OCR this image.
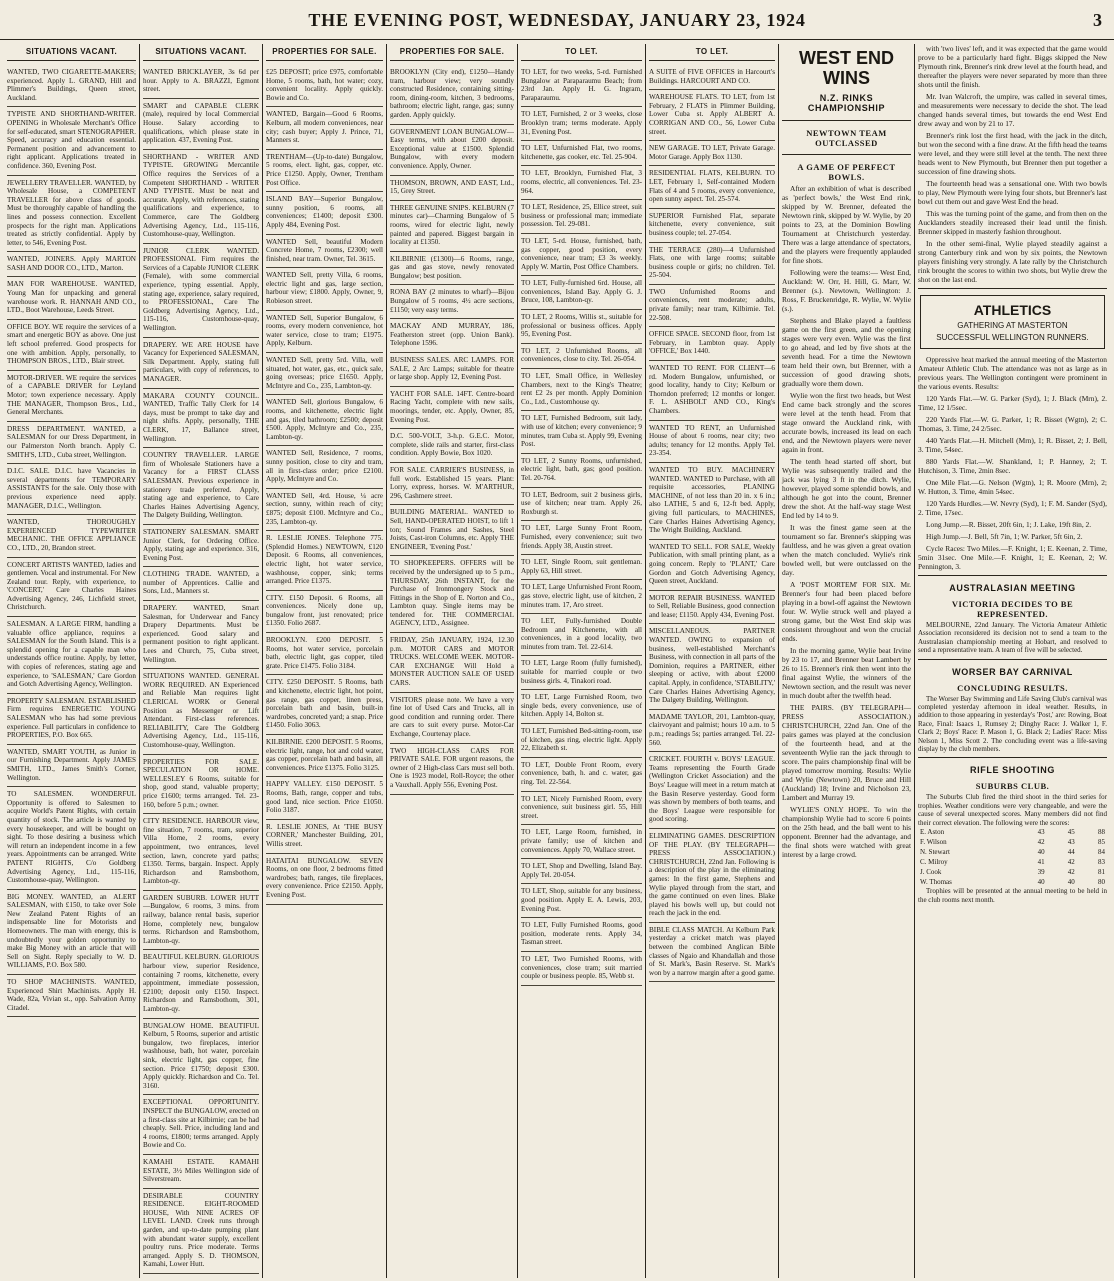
THE EVENING POST, WEDNESDAY, JANUARY 23, 1924	3
SITUATIONS VACANT.
WANTED, TWO CIGARETTE-MAKERS; experienced. Apply L. GRAND, Hill and Plimmer's Buildings, Queen street, Auckland.
TYPISTE AND SHORTHAND-WRITER. OPENING in Wholesale Merchant's Office for self-educated, smart STENOGRAPHER. Speed, accuracy and education essential. Permanent position and advancement to right applicant. Applications treated in confidence. 360, Evening Post.
JEWELLERY TRAVELLER. WANTED, by Wholesale House, a COMPETENT TRAVELLER for above class of goods. Must be thoroughly capable of handling the lines and possess connection. Excellent prospects for the right man. Applications treated as strictly confidential. Apply by letter, to 546, Evening Post.
WANTED, JOINERS. Apply MARTON SASH AND DOOR CO., LTD., Marton.
MAN FOR WAREHOUSE. WANTED, Young Man for unpacking and general warehouse work. R. HANNAH AND CO., LTD., Boot Warehouse, Leeds Street.
OFFICE BOY. WE require the services of a smart and energetic BOY as above. One just left school preferred. Good prospects for one with ambition. Apply, personally, to THOMPSON BROS., LTD., Blair street.
MOTOR-DRIVER. WE require the services of a CAPABLE DRIVER for Leyland Motor; town experience necessary. Apply THE MANAGER, Thompson Bros., Ltd., General Merchants.
DRESS DEPARTMENT. WANTED, a SALESMAN for our Dress Department, in our Palmerston North branch. Apply C. SMITH'S, LTD., Cuba street, Wellington.
D.I.C. SALE. D.I.C. have Vacancies in several departments for TEMPORARY ASSISTANTS for the sale. Only those with previous experience need apply. MANAGER, D.I.C., Wellington.
WANTED, THOROUGHLY EXPERIENCED TYPEWRITER MECHANIC. THE OFFICE APPLIANCE CO., LTD., 20, Brandon street.
CONCERT ARTISTS WANTED, ladies and gentlemen. Vocal and instrumental. For New Zealand tour. Reply, with experience, to 'CONCERT,' Care Charles Haines Advertising Agency, 246, Lichfield street, Christchurch.
SALESMAN. A LARGE FIRM, handling a valuable office appliance, requires a SALESMAN for the South Island. This is a splendid opening for a capable man who understands office routine. Apply, by letter, with copies of references, stating age and experience, to 'SALESMAN,' Care Gordon and Gotch Advertising Agency, Wellington.
PROPERTY SALESMAN. ESTABLISHED Firm requires ENERGETIC YOUNG SALESMAN who has had some previous experience. Full particulars in confidence to PROPERTIES, P.O. Box 665.
WANTED, SMART YOUTH, as Junior in our Furnishing Department. Apply JAMES SMITH, LTD., James Smith's Corner, Wellington.
TO SALESMEN. WONDERFUL Opportunity is offered to Salesmen to acquire World's Patent Rights, with certain quantity of stock. The article is wanted by every housekeeper, and will be bought on sight. To those desiring a business which will return an independent income in a few years. Appointments can be arranged. Write PATENT RIGHTS, C/o Goldberg Advertising Agency, Ltd., 115-116, Customhouse-quay, Wellington.
BIG MONEY. WANTED, an ALERT SALESMAN, with £150, to take over Sole New Zealand Patent Rights of an indispensable line for Motorists and Homeowners. The man with energy, this is undoubtedly your golden opportunity to make Big Money with an article that will Sell on Sight. Reply specially to W. D. WILLIAMS, P.O. Box 580.
TO SHOP MACHINISTS. WANTED, Experienced Shirt Machinists. Apply H. Wade, 82a, Vivian st., opp. Salvation Army Citadel.
SITUATIONS VACANT.
WANTED BRICKLAYER, 3s 6d per hour. Apply to A. BRAZZI, Egmont street.
SMART and CAPABLE CLERK (male), required by local Commercial House. Salary according to qualifications, which please state in application. 437, Evening Post.
SHORTHAND - WRITER AND TYPISTE. GROWING Mercantile Office requires the Services of a Competent SHORTHAND - WRITER AND TYPISTE. Must be neat and accurate. Apply, with references, stating qualifications and experience, to Commerce, care The Goldberg Advertising Agency, Ltd., 115-116, Customhouse-quay, Wellington.
JUNIOR CLERK WANTED. PROFESSIONAL Firm requires the Services of a Capable JUNIOR CLERK (Female), with some commercial experience, typing essential. Apply, stating age, experience, salary required, to PROFESSIONAL, Care The Goldberg Advertising Agency, Ltd., 115-116, Customhouse-quay, Wellington.
DRAPERY. WE ARE HOUSE have Vacancy for Experienced SALESMAN, Silk Department. Apply, stating full particulars, with copy of references, to MANAGER.
MAKARA COUNTY COUNCIL. WANTED, Traffic Tally Clerk for 14 days, must be prompt to take day and night shifts. Apply, personally, THE CLERK, 17, Ballance street, Wellington.
COUNTRY TRAVELLER. LARGE firm of Wholesale Stationers have a Vacancy for a FIRST CLASS SALESMAN. Previous experience in stationery trade preferred. Apply, stating age and experience, to Care Charles Haines Advertising Agency, The Dalgety Building, Wellington.
STATIONERY SALESMAN. SMART Junior Clerk, for Ordering Office. Apply, stating age and experience. 316, Evening Post.
CLOTHING TRADE. WANTED, a number of Apprentices. Callie and Sons, Ltd., Manners st.
DRAPERY. WANTED, Smart Salesman, for Underwear and Fancy Drapery Departments. Must be experienced. Good salary and permanent position to right applicant. Lees and Church, 75, Cuba street, Wellington.
SITUATIONS WANTED. GENERAL WORK REQUIRED. AN Experienced and Reliable Man requires light CLERICAL WORK or General Position as Messenger or Lift Attendant. First-class references. RELIABILITY, Care The Goldberg Advertising Agency, Ltd., 115-116, Customhouse-quay, Wellington.
PROPERTIES FOR SALE. SPECULATION OR HOME. WELLESLEY 6 Rooms, suitable for shop, good stand, valuable property; price £1600; terms arranged. Tel. 23-160, before 5 p.m.; owner.
CITY RESIDENCE. HARBOUR view, fine situation, 7 rooms, tram, superior Villa Home, 2 rooms, every appointment, two entrances, level section, lawn, concrete yard paths; £1350. Terms, bargain. Inspect. Apply Richardson and Ramsbothom, Lambton-qy.
GARDEN SUBURB. LOWER HUTT—Bungalow, 6 rooms, 3 mins. from railway, balance rental basis, superior Home, completely new, bungalow terms. Richardson and Ramsbothom, Lambton-qy.
BEAUTIFUL KELBURN. GLORIOUS harbour view, superior Residence, containing 7 rooms, kitchenette, every appointment, immediate possession, £2100; deposit only £150. Inspect. Richardson and Ramsbothom, 301, Lambton-qy.
BUNGALOW HOME. BEAUTIFUL Kelburn, 5 Rooms, superior and artistic bungalow, two fireplaces, interior washhouse, bath, hot water, porcelain sink, electric light, gas copper, fine section. Price £1750; deposit £300. Apply quickly. Richardson and Co. Tel. 3160.
EXCEPTIONAL OPPORTUNITY. INSPECT the BUNGALOW, erected on a first-class site at Kilbirnie; can be had cheaply. Sell. Price, including land and 4 rooms, £1800; terms arranged. Apply Bowie and Co.
KAMAHI ESTATE. KAMAHI ESTATE, 3½ Miles Wellington side of Silverstream.
DESIRABLE COUNTRY RESIDENCE. EIGHT-ROOMED HOUSE, With NINE ACRES OF LEVEL LAND. Creek runs through garden, and up-to-date pumping plant with abundant water supply, excellent poultry runs. Price moderate. Terms arranged. Apply S. D. THOMSON, Kamahi, Lower Hutt.
PROPERTIES FOR SALE.
£25 DEPOSIT; price £975, comfortable Home, 5 rooms, bath, hot water; cozy, convenient locality. Apply quickly. Bowie and Co.
WANTED, Bargain—Good 6 Rooms, Kelburn, all modern conveniences, near city; cash buyer; Apply J. Prince, 71, Manners st.
TRENTHAM—(Up-to-date) Bungalow, 5 rooms, elect. light, gas, copper, etc. Price £1250. Apply, Owner, Trentham Post Office.
ISLAND BAY—Superior Bungalow, sunny position, 6 rooms, all conveniences; £1400; deposit £300. Apply 484, Evening Post.
WANTED Sell, beautiful Modern Concrete Home, 7 rooms, £2300; well finished, near tram. Owner, Tel. 3615.
WANTED Sell, pretty Villa, 6 rooms, electric light and gas, large section, harbour view; £1800. Apply, Owner, 9, Robieson street.
WANTED Sell, Superior Bungalow, 6 rooms, every modern convenience, hot water service, close to tram; £1975. Apply, Kelburn.
WANTED Sell, pretty 5rd. Villa, well situated, hot water, gas, etc., quick sale, going overseas; price £1650. Apply, McIntyre and Co., 235, Lambton-qy.
WANTED Sell, glorious Bungalow, 6 rooms, and kitchenette, electric light and gas, tiled bathroom; £2500; deposit £500. Apply, McIntyre and Co., 235, Lambton-qy.
WANTED Sell, Residence, 7 rooms, sunny position, close to city and tram, all in first-class order; price £2100. Apply, McIntyre and Co.
WANTED Sell, 4rd. House, ¼ acre section, sunny, within reach of city; £875; deposit £100. McIntyre and Co., 235, Lambton-qy.
R. LESLIE JONES. Telephone 775. (Splendid Homes.) NEWTOWN, £120 Deposit. 6 Rooms, all conveniences, electric light, hot water service, washhouse, copper, sink; terms arranged. Price £1375.
CITY. £150 Deposit. 6 Rooms, all conveniences. Nicely done up, bungalow front, just renovated; price £1350. Folio 2687.
BROOKLYN. £200 DEPOSIT. 5 Rooms, hot water service, porcelain bath, electric light, gas copper, tiled grate. Price £1475. Folio 3184.
CITY. £250 DEPOSIT. 5 Rooms, bath and kitchenette, electric light, hot point, gas range, gas copper, linen press, porcelain bath and basin, built-in wardrobes, concreted yard; a snap. Price £1450. Folio 3063.
KILBIRNIE. £200 DEPOSIT. 5 Rooms, electric light, range, hot and cold water, gas copper, porcelain bath and basin, all conveniences. Price £1375. Folio 3125.
HAPPY VALLEY. £150 DEPOSIT. 5 Rooms, Bath, range, copper and tubs, good land, nice section. Price £1050. Folio 3187.
R. LESLIE JONES, At 'THE BUSY CORNER,' Manchester Building, 201, Willis street.
HATAITAI BUNGALOW. SEVEN Rooms, on one floor, 2 bedrooms fitted wardrobes; bath, ranges, tile fireplaces, every convenience. Price £2150. Apply, Evening Post.
PROPERTIES FOR SALE.
BROOKLYN (City end), £1250—Handy tram, harbour view; very soundly constructed Residence, containing sitting-room, dining-room, kitchen, 3 bedrooms, bathroom; electric light, range, gas; sunny garden. Apply quickly.
GOVERNMENT LOAN BUNGALOW—Easy terms, with about £200 deposit. Exceptional value at £1500. Splendid Bungalow, with every modern convenience. Apply, Owner.
THOMSON, BROWN, AND EAST, Ltd., 15, Grey Street.
THREE GENUINE SNIPS. KELBURN (7 minutes car)—Charming Bungalow of 5 rooms, wired for electric light, newly painted and papered. Biggest bargain in locality at £1350.
KILBIRNIE (£1300)—6 Rooms, range, gas and gas stove, newly renovated Bungalow; best position.
RONA BAY (2 minutes to wharf)—Bijou Bungalow of 5 rooms, 4½ acre sections, £1150; very easy terms.
MACKAY AND MURRAY, 186, Featherston street (opp. Union Bank). Telephone 1596.
BUSINESS SALES. ARC LAMPS. FOR SALE, 2 Arc Lamps; suitable for theatre or large shop. Apply 12, Evening Post.
YACHT FOR SALE. 14FT. Centre-board Racing Yacht, complete with new sails, moorings, tender, etc. Apply, Owner, 85, Evening Post.
D.C. 500-VOLT, 3-h.p. G.E.C. Motor, complete, slide rails and starter, first-class condition. Apply Bowie, Box 1020.
FOR SALE. CARRIER'S BUSINESS, in full work. Established 15 years. Plant: Lorry, express, horses. W. M'ARTHUR, 296, Cashmere street.
BUILDING MATERIAL. WANTED to Sell, HAND-OPERATED HOIST, to lift 1 ton; Sound Frames and Sashes, Steel Joists, Cast-iron Columns, etc. Apply THE ENGINEER, 'Evening Post.'
TO SHOPKEEPERS. OFFERS will be received by the undersigned up to 5 p.m., THURSDAY, 26th INSTANT, for the Purchase of Ironmongery Stock and Fittings in the Shop of E. Norton and Co., Lambton quay. Single items may be tendered for. THE COMMERCIAL AGENCY, LTD., Assignee.
FRIDAY, 25th JANUARY, 1924, 12.30 p.m. MOTOR CARS and MOTOR TRUCKS. WELCOME WEEK. MOTOR-CAR EXCHANGE Will Hold a MONSTER AUCTION SALE OF USED CARS.
VISITORS please note. We have a very fine lot of Used Cars and Trucks, all in good condition and running order. There are cars to suit every purse. Motor-Car Exchange, Courtenay place.
TWO HIGH-CLASS CARS FOR PRIVATE SALE. FOR urgent reasons, the owner of 2 High-class Cars must sell both. One is 1923 model, Roll-Royce; the other a Vauxhall. Apply 556, Evening Post.
TO LET.
TO LET, for two weeks, 5-rd. Furnished Bungalow at Paraparaumu Beach; from 23rd Jan. Apply H. G. Ingram, Paraparaumu.
TO LET, Furnished, 2 or 3 weeks, close Brooklyn tram; terms moderate. Apply 31, Evening Post.
TO LET, Unfurnished Flat, two rooms, kitchenette, gas cooker, etc. Tel. 25-904.
TO LET, Brooklyn, Furnished Flat, 3 rooms, electric, all conveniences. Tel. 23-964.
TO LET, Residence, 25, Ellice street, suit business or professional man; immediate possession. Tel. 29-081.
TO LET, 5-rd. House, furnished, bath, gas copper, good position, every convenience, near tram; £3 3s weekly. Apply W. Martin, Post Office Chambers.
TO LET, Fully-furnished 6rd. House, all conveniences, Island Bay. Apply G. J. Bruce, 108, Lambton-qy.
TO LET, 2 Rooms, Willis st., suitable for professional or business offices. Apply 95, Evening Post.
TO LET, 2 Unfurnished Rooms, all conveniences, close to city. Tel. 26-054.
TO LET, Small Office, in Wellesley Chambers, next to the King's Theatre; rent £2 2s per month. Apply Dominion Co., Ltd., Customhouse qy.
TO LET, Furnished Bedroom, suit lady, with use of kitchen; every convenience; 9 minutes, tram Cuba st. Apply 99, Evening Post.
TO LET, 2 Sunny Rooms, unfurnished, electric light, bath, gas; good position. Tel. 20-764.
TO LET, Bedroom, suit 2 business girls, use of kitchen; near tram. Apply 26, Roxburgh st.
TO LET, Large Sunny Front Room, Furnished, every convenience; suit two friends. Apply 38, Austin street.
TO LET, Single Room, suit gentleman. Apply 63, Hill street.
TO LET, Large Unfurnished Front Room, gas stove, electric light, use of kitchen, 2 minutes tram. 17, Aro street.
TO LET, Fully-furnished Double Bedroom and Kitchenette, with all conveniences, in a good locality, two minutes from tram. Tel. 22-614.
TO LET, Large Room (fully furnished), suitable for married couple or two business girls. 4, Tinakori road.
TO LET, Large Furnished Room, two single beds, every convenience, use of kitchen. Apply 14, Bolton st.
TO LET, Furnished Bed-sitting-room, use of kitchen, gas ring, electric light. Apply 22, Elizabeth st.
TO LET, Double Front Room, every convenience, bath, h. and c. water, gas ring. Tel. 22-564.
TO LET, Nicely Furnished Room, every convenience, suit business girl. 55, Hill street.
TO LET, Large Room, furnished, in private family; use of kitchen and conveniences. Apply 70, Wallace street.
TO LET, Shop and Dwelling, Island Bay. Apply Tel. 20-054.
TO LET, Shop, suitable for any business, good position. Apply E. A. Lewis, 203, Evening Post.
TO LET, Fully Furnished Rooms, good position, moderate rents. Apply 34, Tasman street.
TO LET, Two Furnished Rooms, with conveniences, close tram; suit married couple or business people. 85, Webb st.
TO LET.
A SUITE of FIVE OFFICES in Harcourt's Buildings. HARCOURT AND CO.
WAREHOUSE FLATS. TO LET, from 1st February, 2 FLATS in Plimmer Building, Lower Cuba st. Apply ALBERT A. CORRIGAN AND CO., 56, Lower Cuba street.
NEW GARAGE. TO LET, Private Garage. Motor Garage. Apply Box 1130.
RESIDENTIAL FLATS, KELBURN. TO LET, February 1, Self-contained Modern Flats of 4 and 5 rooms, every convenience, open sunny aspect. Tel. 25-574.
SUPERIOR Furnished Flat, separate kitchenette, every convenience, suit business couple; tel. 27-054.
THE TERRACE (280)—4 Unfurnished Flats, one with large rooms; suitable business couple or girls; no children. Tel. 25-504.
TWO Unfurnished Rooms and conveniences, rent moderate; adults, private family; near tram, Kilbirnie. Tel. 22-508.
OFFICE SPACE. SECOND floor, from 1st February, in Lambton quay. Apply 'OFFICE,' Box 1440.
WANTED TO RENT. FOR CLIENT—6 rd. Modern Bungalow, unfurnished, or good locality, handy to City; Kelburn or Thorndon preferred; 12 months or longer. F. L. ASHBOLT AND CO., King's Chambers.
WANTED TO RENT, an Unfurnished House of about 6 rooms, near city; two adults; tenancy for 12 months. Apply Tel. 23-354.
WANTED TO BUY. MACHINERY WANTED. WANTED to Purchase, with all requisite accessories, PLANING MACHINE, of not less than 20 in. x 6 in.; also LATHE, 5 and 6, 12-ft bed. Apply, giving full particulars, to MACHINES, Care Charles Haines Advertising Agency, The Wright Building, Auckland.
WANTED TO SELL. FOR SALE, Weekly Publication, with small printing plant, as a going concern. Reply to 'PLANT,' Care Gordon and Gotch Advertising Agency, Queen street, Auckland.
MOTOR REPAIR BUSINESS. WANTED to Sell, Reliable Business, good connection and lease; £1150. Apply 434, Evening Post.
MISCELLANEOUS. PARTNER WANTED. OWING to expansion of business, well-established Merchant's Business, with connection in all parts of the Dominion, requires a PARTNER, either sleeping or active, with about £2000 capital. Apply, in confidence, 'STABILITY,' Care Charles Haines Advertising Agency, The Dalgety Building, Wellington.
MADAME TAYLOR, 201, Lambton-quay, clairvoyant and palmist; hours 10 a.m. to 5 p.m.; readings 5s; parties arranged. Tel. 22-560.
CRICKET. FOURTH v. BOYS' LEAGUE. Teams representing the Fourth Grade (Wellington Cricket Association) and the Boys' League will meet in a return match at the Basin Reserve yesterday. Good form was shown by members of both teams, and the Boys' League were responsible for good scoring.
ELIMINATING GAMES. DESCRIPTION OF THE PLAY. (BY TELEGRAPH—PRESS ASSOCIATION.) CHRISTCHURCH, 22nd Jan. Following is a description of the play in the eliminating games: In the first game, Stephens and Wylie played through from the start, and the game continued on even lines. Blake played his bowls well up, but could not reach the jack in the end.
BIBLE CLASS MATCH. At Kelburn Park yesterday a cricket match was played between the combined Anglican Bible classes of Ngaio and Khandallah and those of St. Mark's, Basin Reserve. St. Mark's won by a narrow margin after a good game.
WEST END WINS
N.Z. RINKS CHAMPIONSHIP
NEWTOWN TEAM OUTCLASSED
A GAME OF PERFECT BOWLS.

After an exhibition of what is described as 'perfect bowls,' the West End rink, skipped by W. Brenner, defeated the Newtown rink, skipped by W. Wylie, by 20 points to 23, at the Dominion Bowling Tournament at Christchurch yesterday. There was a large attendance of spectators, and the players were frequently applauded for fine shots.

Following were the teams:— West End, Auckland: W. Orr, H. Hill, G. Marr, W. Brenner (s.). Newtown, Wellington: J. Ross, F. Bruckenridge, R. Wylie, W. Wylie (s.).

Stephens and Blake played a faultless game on the first green, and the opening stages were very even. Wylie was the first to go ahead, and led by five shots at the seventh head. For a time the Newtown team held their own, but Brenner, with a succession of good drawing shots, gradually wore them down.

Wylie won the first two heads, but West End came back strongly and the scores were level at the tenth head. From that stage onward the Auckland rink, with accurate bowls, increased its lead on each end, and the Newtown players were never again in front.

The tenth head started off short, but Wylie was subsequently trailed and the jack was lying 3 ft in the ditch. Wylie, however, played some splendid bowls, and although he got into the count, Brenner drew the shot. At the half-way stage West End led by 14 to 9.

It was the finest game seen at the tournament so far. Brenner's skipping was faultless, and he was given a great ovation when the match concluded. Wylie's rink bowled well, but were outclassed on the day.

A 'POST MORTEM' FOR SIX. Mr. Brenner's four had been placed before playing in a bowl-off against the Newtown four. W. Wylie struck well and played a strong game, but the West End skip was consistent throughout and won the crucial ends.

In the morning game, Wylie beat Irvine by 23 to 17, and Brenner beat Lambert by 26 to 15. Brenner's rink then went into the final against Wylie, the winners of the Newtown section, and the result was never in much doubt after the twelfth head.

THE PAIRS. (BY TELEGRAPH—PRESS ASSOCIATION.) CHRISTCHURCH, 22nd Jan. One of the pairs games was played at the conclusion of the fourteenth head, and at the seventeenth Wylie ran the jack through to score. The pairs championship final will be played tomorrow morning. Results: Wylie and Wylie (Newtown) 20, Bruce and Hill (Auckland) 18; Irvine and Nicholson 23, Lambert and Murray 19.

WYLIE'S ONLY HOPE. To win the championship Wylie had to score 6 points on the 25th head, and the ball went to his opponent. Brenner had the advantage, and the final shots were watched with great interest by a large crowd.

with 'two lives' left, and it was expected that the game would prove to be a particularly hard fight. Biggs skipped the New Plymouth rink, Brenner's rink drew level at the fourth head, and thereafter the players were never separated by more than three shots until the finish.

Mr. Ivan Walcroft, the umpire, was called in several times, and measurements were necessary to decide the shot. The lead changed hands several times, but towards the end West End drew away and won by 21 to 17.

Brenner's rink lost the first head, with the jack in the ditch, but won the second with a fine draw. At the fifth head the teams were level, and they were still level at the tenth. The next three heads went to New Plymouth, but Brenner then put together a succession of fine drawing shots.

The fourteenth head was a sensational one. With two bowls to play, New Plymouth were lying four shots, but Brenner's last bowl cut them out and gave West End the head.

This was the turning point of the game, and from then on the Aucklanders steadily increased their lead until the finish. Brenner skipped in masterly fashion throughout.

In the other semi-final, Wylie played steadily against a strong Canterbury rink and won by six points, the Newtown players finishing very strongly. A late rally by the Christchurch rink brought the scores to within two shots, but Wylie drew the shot on the last end.

ATHLETICS
GATHERING AT MASTERTON
SUCCESSFUL WELLINGTON RUNNERS.

Oppressive heat marked the annual meeting of the Masterton Amateur Athletic Club. The attendance was not as large as in previous years. The Wellington contingent were prominent in the various events. Results:

120 Yards Flat.—W. G. Parker (Syd), 1; J. Black (Mrn), 2. Time, 12 1/5sec.

220 Yards Flat.—W. G. Parker, 1; R. Bisset (Wgtn), 2; C. Thomas, 3. Time, 24 2/5sec.

440 Yards Flat.—H. Mitchell (Mrn), 1; R. Bisset, 2; J. Bell, 3. Time, 54sec.

880 Yards Flat.—W. Shankland, 1; P. Hanney, 2; T. Hutchison, 3. Time, 2min 8sec.

One Mile Flat.—G. Nelson (Wgtn), 1; R. Moore (Mrn), 2; W. Hutton, 3. Time, 4min 54sec.

120 Yards Hurdles.—W. Nevry (Syd), 1; F. M. Sander (Syd), 2. Time, 17sec.

Long Jump.—R. Bisset, 20ft 6in, 1; J. Lake, 19ft 8in, 2.

High Jump.—J. Bell, 5ft 7in, 1; W. Parker, 5ft 6in, 2.

Cycle Races: Two Miles.—F. Knight, 1; E. Keenan, 2. Time, 5min 31sec. One Mile.—F. Knight, 1; E. Keenan, 2; W. Pennington, 3.

AUSTRALASIAN MEETING
VICTORIA DECIDES TO BE REPRESENTED.
MELBOURNE, 22nd January. The Victoria Amateur Athletic Association reconsidered its decision not to send a team to the Australasian championship meeting at Hobart, and resolved to send a representative team. A team of five will be selected.
WORSER BAY CARNIVAL
CONCLUDING RESULTS.
The Worser Bay Swimming and Life Saving Club's carnival was completed yesterday afternoon in ideal weather. Results, in addition to those appearing in yesterday's 'Post,' are: Rowing, Boat Race, Final: Isaacs 1, Rumsey 2; Dinghy Race: J. Walker 1, F. Clark 2; Boys' Race: P. Mason 1, G. Black 2; Ladies' Race: Miss Nelson 1, Miss Scott 2. The concluding event was a life-saving display by the club members.
RIFLE SHOOTING
SUBURBS CLUB.
The Suburbs Club fired the third shoot in the third series for trophies. Weather conditions were very changeable, and were the cause of several unexpected scores. Many members did not find their correct elevation. The following were the scores:
E. Aston	43	45	88
F. Wilson	42	43	85
N. Stewart	40	44	84
C. Milroy	41	42	83
J. Cook	39	42	81
W. Thomas	40	40	80
Trophies will be presented at the annual meeting to be held in the club rooms next month.
